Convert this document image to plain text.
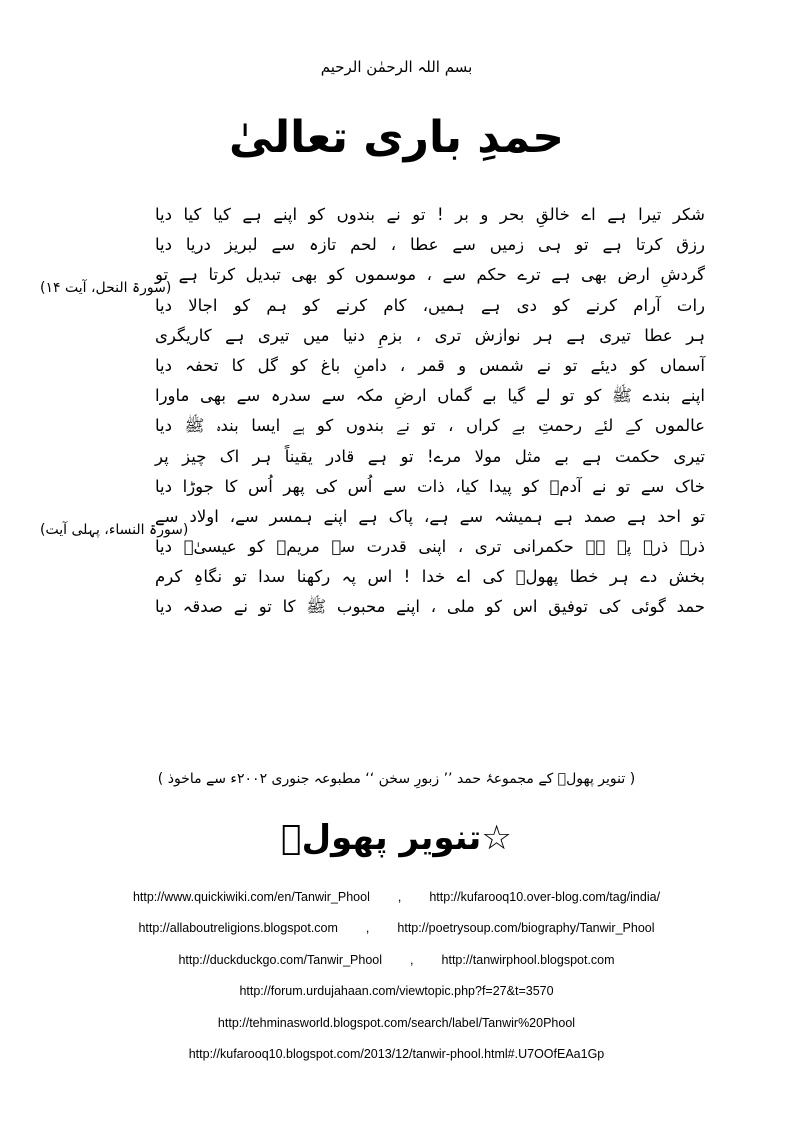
بسم اللہ الرحمٰن الرحیم
حمدِ باری تعالیٰ
شکر تیرا ہے اے خالقِ بحر و بر ! تو نے بندوں کو اپنے ہے کیا کیا دیا
رزق کرتا ہے تو ہی زمیں سے عطا ، لحم تازہ سے لبریز دریا دیا
(سورۃ النحل، آیت ۱۴)
گردشِ ارض بھی ہے ترے حکم سے ، موسموں کو بھی تبدیل کرتا ہے تو
رات آرام کرنے کو دی ہے ہمیں، کام کرنے کو ہم کو اجالا دیا
ہر عطا تیری ہے ہر نوازش تری ، بزمِ دنیا میں تیری ہے کاریگری
آسماں کو دیئے تو نے شمس و قمر ، دامنِ باغ کو گل کا تحفہ دیا
اپنے بندے ﷺ کو تو لے گیا بے گماں ارضِ مکہ سے سدرہ سے بھی ماورا
عالموں کے لئے رحمتِ بے کراں ، تو نے بندوں کو ہے ایسا بندہ ﷺ دیا
تیری حکمت ہے بے مثل مولا مرے! تو ہے قادر یقیناً ہر اک چیز پر
خاک سے تو نے آدمؑ کو پیدا کیا، ذات سے اُس کی پھر اُس کا جوڑا دیا
(سورۃ النساء، پہلی آیت)
تو احد ہے صمد ہے ہمیشہ سے ہے، پاک ہے اپنے ہمسر سے، اولاد سے
ذرے ذرے پہ ہے حکمرانی تری ، اپنی قدرت سے مریمؑ کو عیسیٰؑ دیا
بخش دے ہر خطا پھولؔ کی اے خدا ! اس پہ رکھنا سدا تو نگاہِ کرم
حمد گوئی کی توفیق اس کو ملی ، اپنے محبوب ﷺ کا تو نے صدقہ دیا
( تنویر پھولؔ کے مجموعۂ حمد ’’ زبورِ سخن ‘‘ مطبوعہ جنوری ۲۰۰۲ء سے ماخوذ )
☆تنویر پھولؔ
http://www.quickiwiki.com/en/Tanwir_Phool , http://kufarooq10.over-blog.com/tag/india/
http://allaboutreligions.blogspot.com , http://poetrysoup.com/biography/Tanwir_Phool
http://duckduckgo.com/Tanwir_Phool , http://tanwirphool.blogspot.com
http://forum.urdujahaan.com/viewtopic.php?f=27&t=3570
http://tehminasworld.blogspot.com/search/label/Tanwir%20Phool
http://kufarooq10.blogspot.com/2013/12/tanwir-phool.html#.U7OOfEAa1Gp
